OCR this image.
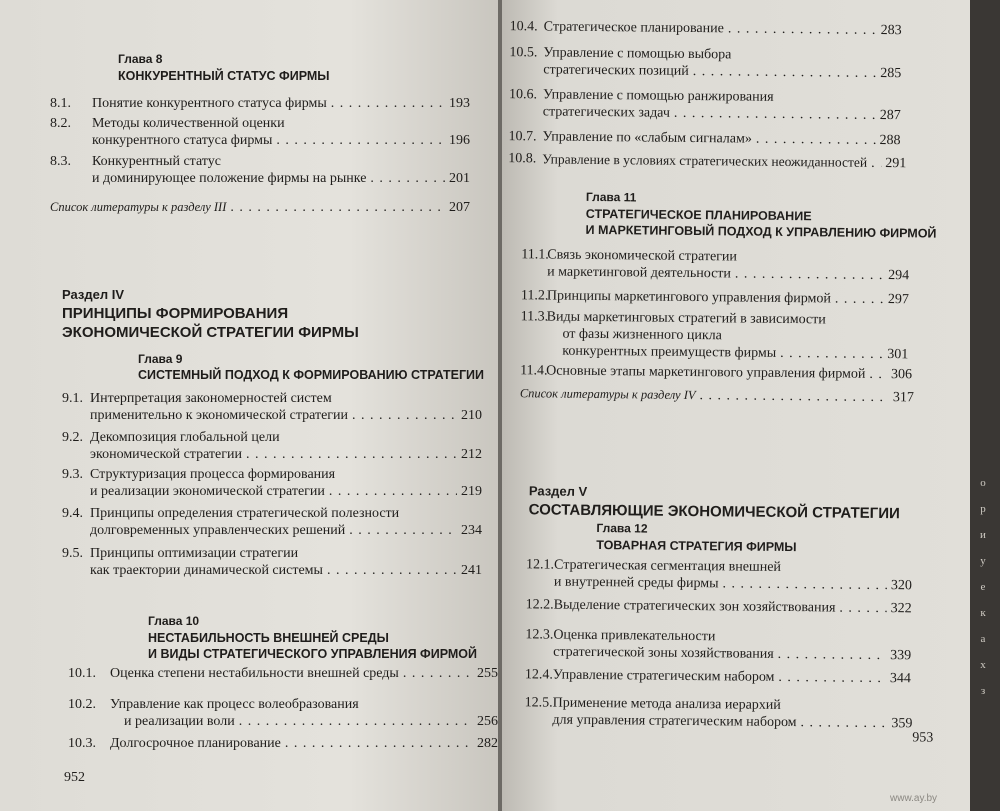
Глава 8
КОНКУРЕНТНЫЙ СТАТУС ФИРМЫ
8.1. Понятие конкурентного статуса фирмы . . .	193
8.2. Методы количественной оценки
конкурентного статуса фирмы . . .	196
8.3. Конкурентный статус
и доминирующее положение фирмы на рынке . . .	201
Список литературы к разделу III . . .	207
Раздел IV
ПРИНЦИПЫ ФОРМИРОВАНИЯ
ЭКОНОМИЧЕСКОЙ СТРАТЕГИИ ФИРМЫ
Глава 9
СИСТЕМНЫЙ ПОДХОД К ФОРМИРОВАНИЮ СТРАТЕГИИ
9.1. Интерпретация закономерностей систем
применительно к экономической стратегии . . .	210
9.2. Декомпозиция глобальной цели
экономической стратегии . . .	212
9.3. Структуризация процесса формирования
и реализации экономической стратегии . . .	219
9.4. Принципы определения стратегической полезности
долговременных управленческих решений . . .	234
9.5. Принципы оптимизации стратегии
как траектории динамической системы . . .	241
Глава 10
НЕСТАБИЛЬНОСТЬ ВНЕШНЕЙ СРЕДЫ
И ВИДЫ СТРАТЕГИЧЕСКОГО УПРАВЛЕНИЯ ФИРМОЙ
10.1. Оценка степени нестабильности внешней среды . . .	255
10.2. Управление как процесс волеобразования
и реализации воли . . .	256
10.3. Долгосрочное планирование . . .	282
952
10.4. Стратегическое планирование . . .	283
10.5. Управление с помощью выбора
стратегических позиций . . .	285
10.6. Управление с помощью ранжирования
стратегических задач . . .	287
10.7. Управление по «слабым сигналам» . . .	288
10.8. Управление в условиях стратегических неожиданностей . . . 291
Глава 11
СТРАТЕГИЧЕСКОЕ ПЛАНИРОВАНИЕ
И МАРКЕТИНГОВЫЙ ПОДХОД К УПРАВЛЕНИЮ ФИРМОЙ
11.1.
Связь экономической стратегии
и маркетинговой деятельности . . .	294
11.2.
Принципы маркетингового управления фирмой . . .	297
11.3.
Виды маркетинговых стратегий в зависимости
от фазы жизненного цикла
конкурентных преимуществ фирмы . . .	301
11.4.
Основные этапы маркетингового управления фирмой . . . 306
Список литературы к разделу IV . . .	317
Раздел V
СОСТАВЛЯЮЩИЕ ЭКОНОМИЧЕСКОЙ СТРАТЕГИИ
Глава 12
ТОВАРНАЯ СТРАТЕГИЯ ФИРМЫ
12.1. Стратегическая сегментация внешней
и внутренней среды фирмы . . .	320
12.2. Выделение стратегических зон хозяйствования . . .	322
12.3. Оценка привлекательности
стратегической зоны хозяйствования . . .	339
12.4. Управление стратегическим набором . . .	344
12.5. Применение метода анализа иерархий
для управления стратегическим набором . . .	359
953
о
р
и
у
е
к
а
х
з
www.ay.by
